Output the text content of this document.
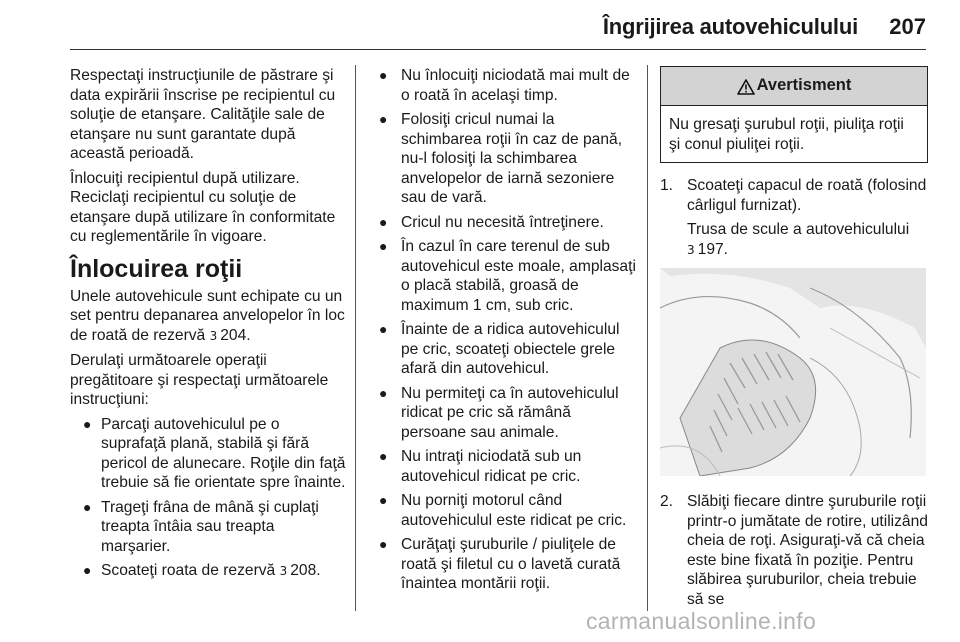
Îngrijirea autovehiculului 207

Respectaţi instrucţiunile de păstrare şi data expirării înscrise pe recipientul cu soluţie de etanşare. Calităţile sale de etanşare nu sunt garantate după această perioadă.

Înlocuiţi recipientul după utilizare. Reciclaţi recipientul cu soluţie de etanşare după utilizare în conformitate cu reglementările în vigoare.

Înlocuirea roţii

Unele autovehicule sunt echipate cu un set pentru depanarea anvelopelor în loc de roată de rezervă 3 204.

Derulaţi următoarele operaţii pregătitoare şi respectaţi următoarele instrucţiuni:

● Parcaţi autovehiculul pe o suprafaţă plană, stabilă şi fără pericol de alunecare. Roţile din faţă trebuie să fie orientate spre înainte.
● Trageţi frâna de mână şi cuplaţi treapta întâia sau treapta marşarier.
● Scoateţi roata de rezervă 3 208.
● Nu înlocuiţi niciodată mai mult de o roată în acelaşi timp.
● Folosiţi cricul numai la schimbarea roţii în caz de pană, nu-l folosiţi la schimbarea anvelopelor de iarnă sezoniere sau de vară.
● Cricul nu necesită întreţinere.
● În cazul în care terenul de sub autovehicul este moale, amplasaţi o placă stabilă, groasă de maximum 1 cm, sub cric.
● Înainte de a ridica autovehiculul pe cric, scoateţi obiectele grele afară din autovehicul.
● Nu permiteţi ca în autovehiculul ridicat pe cric să rămână persoane sau animale.
● Nu intraţi niciodată sub un autovehicul ridicat pe cric.
● Nu porniţi motorul când autovehiculul este ridicat pe cric.
● Curăţaţi şuruburile / piuliţele de roată şi filetul cu o lavetă curată înaintea montării roţii.
Avertisment
Nu gresaţi şurubul roţii, piuliţa roţii şi conul piuliţei roţii.
1. Scoateţi capacul de roată (folosind cârligul furnizat).
Trusa de scule a autovehiculului
3 197.
2. Slăbiţi fiecare dintre şuruburile roţii printr-o jumătate de rotire, utilizând cheia de roţi. Asiguraţi-vă că cheia este bine fixată în poziţie. Pentru slăbirea şuruburilor, cheia trebuie să se
carmanualsonline.info
